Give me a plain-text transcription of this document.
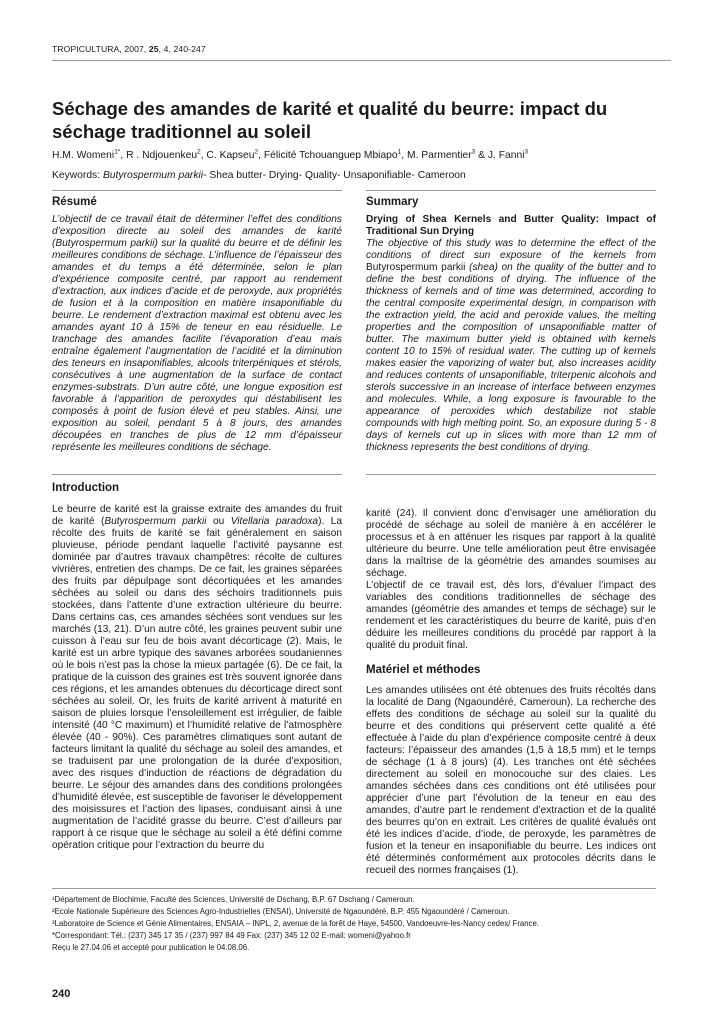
TROPICULTURA, 2007, 25, 4, 240-247
Séchage des amandes de karité et qualité du beurre: impact du séchage traditionnel au soleil
H.M. Womeni$^{1*}$, R . Ndjouenkeu$^2$, C. Kapseu$^2$, Félicité Tchouanguep Mbiapo$^1$, M. Parmentier$^3$ & J. Fanni$^3$
Keywords: Butyrospermum parkii- Shea butter- Drying- Quality- Unsaponifiable- Cameroon
Résumé

L’objectif de ce travail était de déterminer l’effet des conditions d’exposition directe au soleil des amandes de karité (Butyrospermum parkii) sur la qualité du beurre et de définir les meilleures conditions de séchage. L’influence de l’épaisseur des amandes et du temps a été déterminée, selon le plan d’expérience composite centré, par rapport au rendement d’extraction, aux indices d’acide et de peroxyde, aux propriétés de fusion et à la composition en matière insaponifiable du beurre. Le rendement d’extraction maximal est obtenu avec les amandes ayant 10 à 15% de teneur en eau résiduelle. Le tranchage des amandes facilite l’évaporation d’eau mais entraîne également l’augmentation de l’acidité et la diminution des teneurs en insaponifiables, alcools triterpéniques et stérols, consécutives à une augmentation de la surface de contact enzymes-substrats. D’un autre côté, une longue exposition est favorable à l’apparition de peroxydes qui déstabilisent les composés à point de fusion élevé et peu stables. Ainsi, une exposition au soleil, pendant 5 à 8 jours, des amandes découpées en tranches de plus de 12 mm d’épaisseur représente les meilleures conditions de séchage.

Summary
Drying of Shea Kernels and Butter Quality: Impact of Traditional Sun Drying

The objective of this study was to determine the effect of the conditions of direct sun exposure of the kernels from Butyrospermum parkii (shea) on the quality of the butter and to define the best conditions of drying. The influence of the thickness of kernels and of time was determined, according to the central composite experimental design, in comparison with the extraction yield, the acid and peroxide values, the melting properties and the composition of unsaponifiable matter of butter. The maximum butter yield is obtained with kernels content 10 to 15% of residual water. The cutting up of kernels makes easier the vaporizing of water but, also increases acidity and reduces contents of unsaponifiable, triterpenic alcohols and sterols successive in an increase of interface between enzymes and molecules. While, a long exposure is favourable to the appearance of peroxides which destabilize not stable compounds with high melting point. So, an exposure during 5 - 8 days of kernels cut up in slices with more than 12 mm of thickness represents the best conditions of drying.

Introduction

Le beurre de karité est la graisse extraite des amandes du fruit de karité (Butyrospermum parkii ou Vitellaria paradoxa). La récolte des fruits de karité se fait généralement en saison pluvieuse, période pendant laquelle l’activité paysanne est dominée par d’autres travaux champêtres: récolte de cultures vivrières, entretien des champs. De ce fait, les graines séparées des fruits par dépulpage sont décortiquées et les amandes séchées au soleil ou dans des séchoirs traditionnels puis stockées, dans l’attente d’une extraction ultérieure du beurre. Dans certains cas, ces amandes séchées sont vendues sur les marchés (13, 21). D’un autre côté, les graines peuvent subir une cuisson à l’eau sur feu de bois avant décorticage (2). Mais, le karité est un arbre typique des savanes arborées soudaniennes où le bois n’est pas la chose la mieux partagée (6). De ce fait, la pratique de la cuisson des graines est très souvent ignorée dans ces régions, et les amandes obtenues du décorticage direct sont séchées au soleil. Or, les fruits de karité arrivent à maturité en saison de pluies lorsque l’ensoleillement est irrégulier, de faible intensité (40 °C maximum) et l’humidité relative de l’atmosphère élevée (40 - 90%). Ces paramètres climatiques sont autant de facteurs limitant la qualité du séchage au soleil des amandes, et se traduisent par une prolongation de la durée d’exposition, avec des risques d’induction de réactions de dégradation du beurre. Le séjour des amandes dans des conditions prolongées d’humidité élevée, est susceptible de favoriser le développement des moisissures et l’action des lipases, conduisant ainsi à une augmentation de l’acidité grasse du beurre. C’est d’ailleurs par rapport à ce risque que le séchage au soleil a été défini comme opération critique pour l’extraction du beurre du

karité (24). Il convient donc d’envisager une amélioration du procédé de séchage au soleil de manière à en accélérer le processus et à en atténuer les risques par rapport à la qualité ultérieure du beurre. Une telle amélioration peut être envisagée dans la maîtrise de la géométrie des amandes soumises au séchage.

L’objectif de ce travail est, dès lors, d’évaluer l’impact des variables des conditions traditionnelles de séchage des amandes (géométrie des amandes et temps de séchage) sur le rendement et les caractéristiques du beurre de karité, puis d’en déduire les meilleures conditions du procédé par rapport à la qualité du produit final.

Matériel et méthodes

Les amandes utilisées ont été obtenues des fruits récoltés dans la localité de Dang (Ngaoundéré, Cameroun). La recherche des effets des conditions de séchage au soleil sur la qualité du beurre et des conditions qui préservent cette qualité a été effectuée à l’aide du plan d’expérience composite centré à deux facteurs: l’épaisseur des amandes (1,5 à 18,5 mm) et le temps de séchage (1 à 8 jours) (4). Les tranches ont été séchées directement au soleil en monocouche sur des claies. Les amandes séchées dans ces conditions ont été utilisées pour apprécier d’une part l’évolution de la teneur en eau des amandes, d’autre part le rendement d’extraction et de la qualité des beurres qu’on en extrait. Les critères de qualité évalués ont été les indices d’acide, d’iode, de peroxyde, les paramètres de fusion et la teneur en insaponifiable du beurre. Les indices ont été déterminés conformément aux protocoles décrits dans le recueil des normes françaises (1).

¹Département de Biochimie, Faculté des Sciences, Université de Dschang, B.P. 67 Dschang / Cameroun.
²Ecole Nationale Supérieure des Sciences Agro-Industrielles (ENSAI), Université de Ngaoundéré, B.P. 455 Ngaoundéré / Cameroun.
³Laboratoire de Science et Génie Alimentaires, ENSAIA – INPL, 2, avenue de la forêt de Haye, 54500, Vandoeuvre-les-Nancy cedex/ France.
*Correspondant: Tél.: (237) 345 17 35 / (237) 997 84 49 Fax: (237) 345 12 02 E-mail: womeni@yahoo.fr
Reçu le 27.04.06 et accepté pour publication le 04.08.06.
240
